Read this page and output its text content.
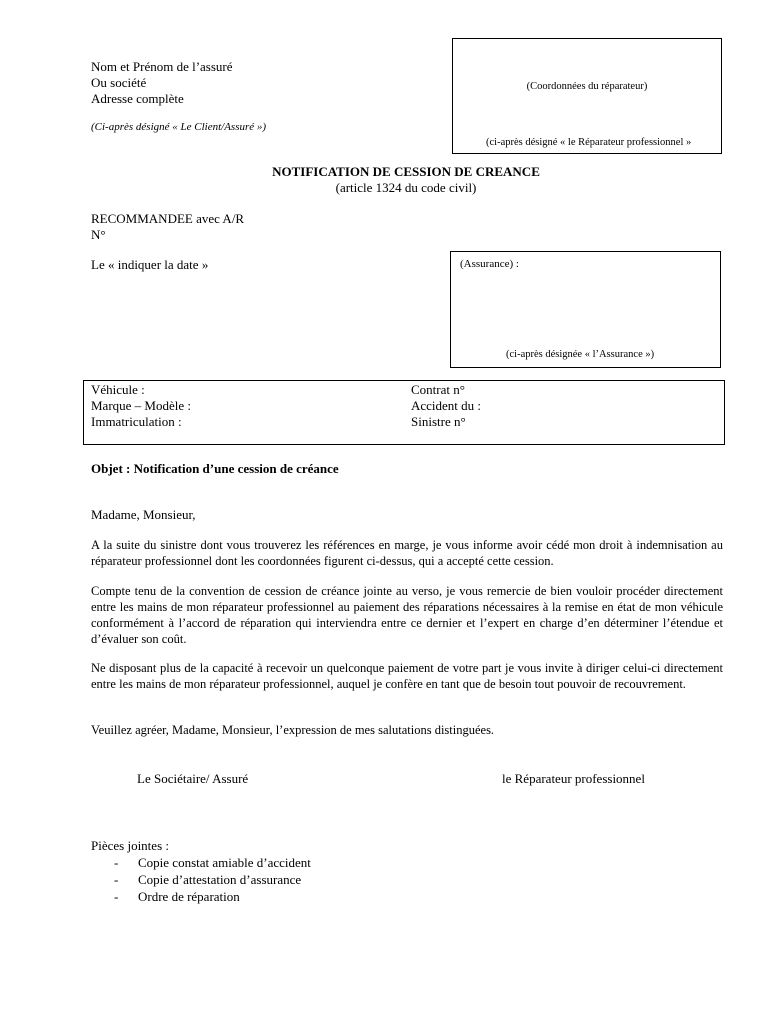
Nom et Prénom de l’assuré
Ou société
Adresse complète
(Ci-après désigné « Le Client/Assuré »)
(Coordonnées du réparateur)
(ci-après désigné « le Réparateur professionnel »
NOTIFICATION DE CESSION DE CREANCE
(article 1324 du code civil)
RECOMMANDEE avec A/R
N°
Le « indiquer la date »	(Assurance) :
(ci-après désignée « l’Assurance »)
Véhicule :
Marque – Modèle :
Immatriculation :
Contrat n°
Accident du :
Sinistre n°
Objet : Notification d’une cession de créance
Madame, Monsieur,
A la suite du sinistre dont vous trouverez les références en marge, je vous informe avoir cédé mon droit à indemnisation au réparateur professionnel dont les coordonnées figurent ci-dessus, qui a accepté cette cession.
Compte tenu de la convention de cession de créance jointe au verso, je vous remercie de bien vouloir procéder directement entre les mains de mon réparateur professionnel au paiement des réparations nécessaires à la remise en état de mon véhicule conformément à l’accord de réparation qui interviendra entre ce dernier et l’expert en charge d’en déterminer l’étendue et d’évaluer son coût.
Ne disposant plus de la capacité à recevoir un quelconque paiement de votre part je vous invite à diriger celui-ci directement entre les mains de mon réparateur professionnel, auquel je confère en tant que de besoin tout pouvoir de recouvrement.
Veuillez agréer, Madame, Monsieur, l’expression de mes salutations distinguées.
Le Sociétaire/ Assuré	le Réparateur professionnel
Pièces jointes :
- Copie constat amiable d’accident
- Copie d’attestation d’assurance
- Ordre de réparation
